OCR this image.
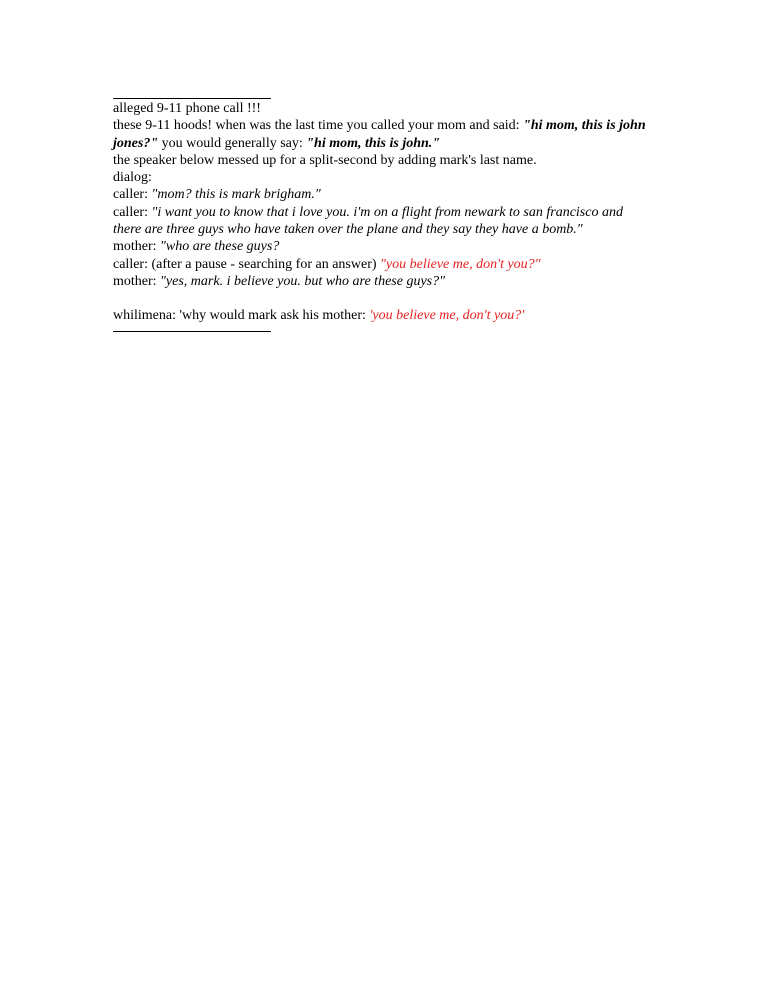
alleged 9-11 phone call !!!
these 9-11 hoods! when was the last time you called your mom and said: "hi mom, this is john jones?" you would generally say: "hi mom, this is john."
the speaker below messed up for a split-second by adding mark's last name.
dialog:
caller: "mom? this is mark brigham."
caller: "i want you to know that i love you. i'm on a flight from newark to san francisco and there are three guys who have taken over the plane and they say they have a bomb."
mother: "who are these guys?
caller: (after a pause - searching for an answer) "you believe me, don't you?"
mother: "yes, mark. i believe you. but who are these guys?"
whilimena: 'why would mark ask his mother: 'you believe me, don't you?'
